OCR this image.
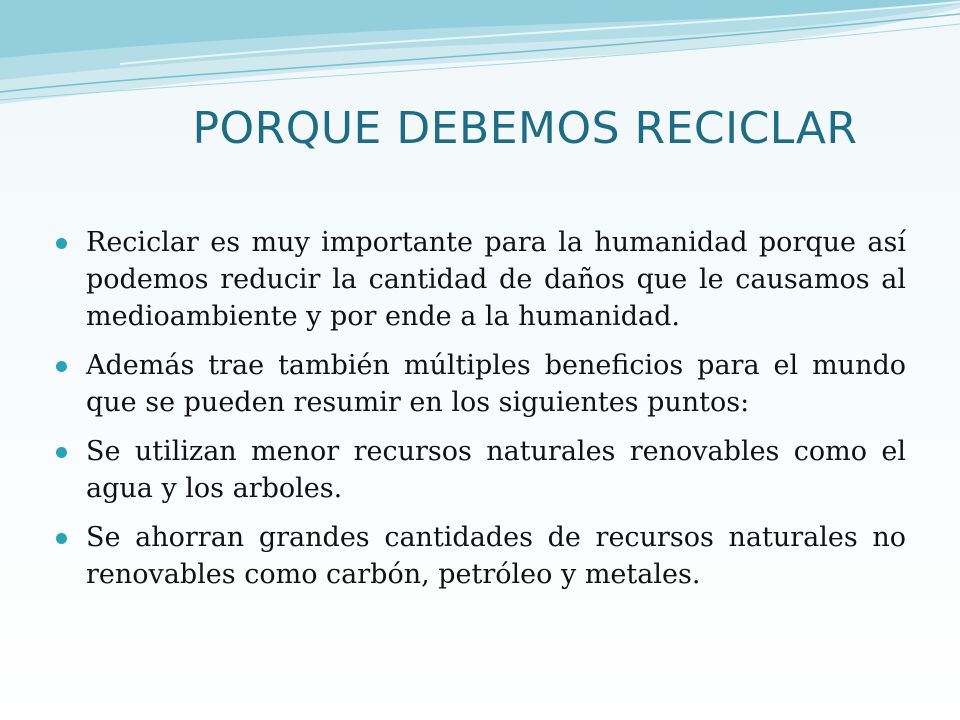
PORQUE DEBEMOS RECICLAR
Reciclar es muy importante para la humanidad porque así podemos reducir la cantidad de daños que le causamos al medioambiente y por ende a la humanidad.
Además trae también múltiples beneficios para el mundo que se pueden resumir en los siguientes puntos:
Se utilizan menor recursos naturales renovables como el agua y los arboles.
Se ahorran grandes cantidades de recursos naturales no renovables como carbón, petróleo y metales.
